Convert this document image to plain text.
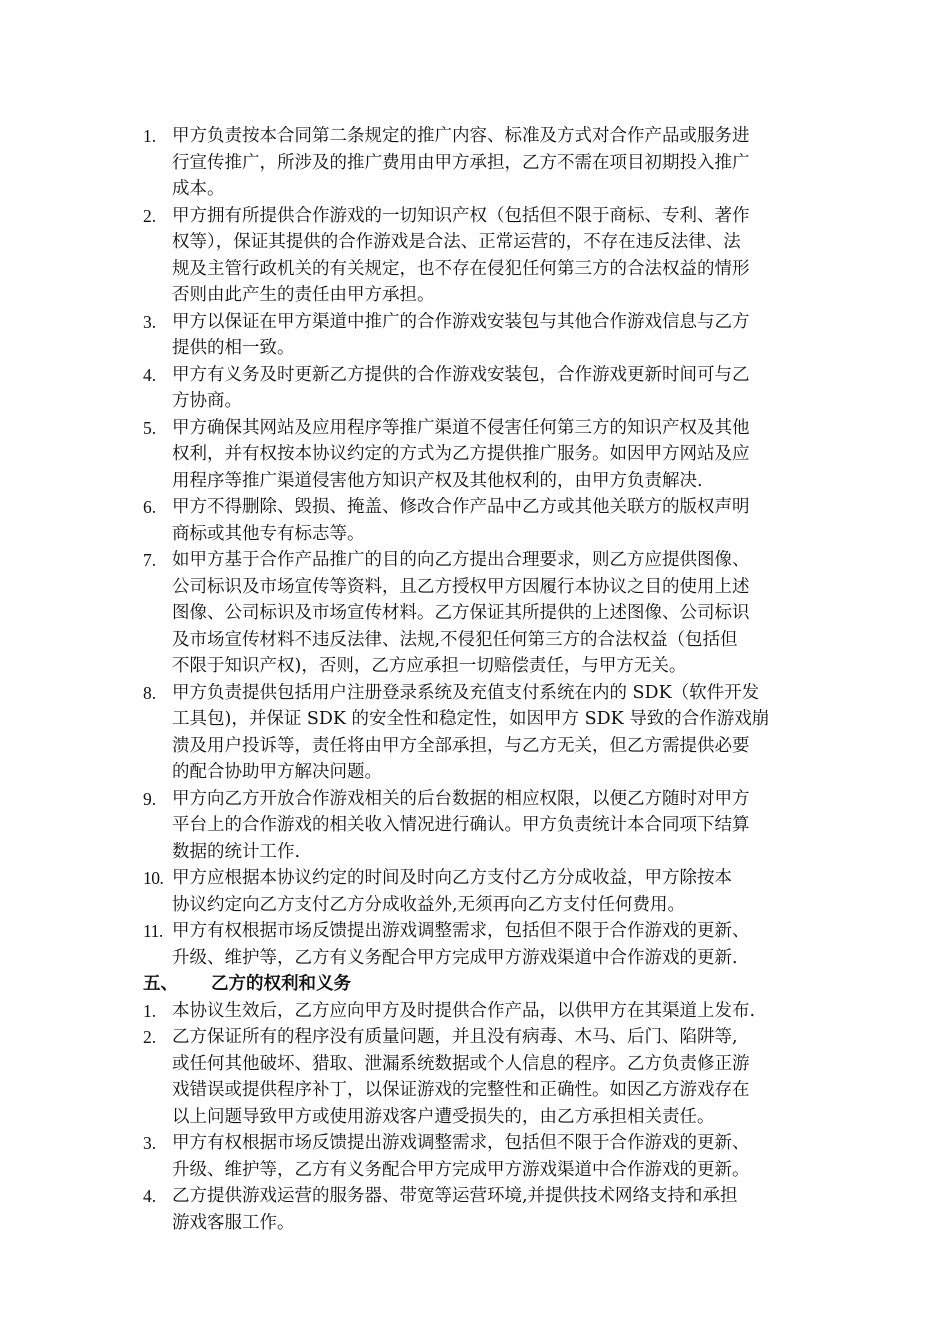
1. 甲方负责按本合同第二条规定的推广内容、标准及方式对合作产品或服务进
行宣传推广，所涉及的推广费用由甲方承担，乙方不需在项目初期投入推广
成本。
2. 甲方拥有所提供合作游戏的一切知识产权（包括但不限于商标、专利、著作
权等），保证其提供的合作游戏是合法、正常运营的，不存在违反法律、法
规及主管行政机关的有关规定，也不存在侵犯任何第三方的合法权益的情形
否则由此产生的责任由甲方承担。
3. 甲方以保证在甲方渠道中推广的合作游戏安装包与其他合作游戏信息与乙方
提供的相一致。
4. 甲方有义务及时更新乙方提供的合作游戏安装包，合作游戏更新时间可与乙
方协商。
5. 甲方确保其网站及应用程序等推广渠道不侵害任何第三方的知识产权及其他
权利，并有权按本协议约定的方式为乙方提供推广服务。如因甲方网站及应
用程序等推广渠道侵害他方知识产权及其他权利的，由甲方负责解决.
6. 甲方不得删除、毁损、掩盖、修改合作产品中乙方或其他关联方的版权声明
商标或其他专有标志等。
7. 如甲方基于合作产品推广的目的向乙方提出合理要求，则乙方应提供图像、
公司标识及市场宣传等资料，且乙方授权甲方因履行本协议之目的使用上述
图像、公司标识及市场宣传材料。乙方保证其所提供的上述图像、公司标识
及市场宣传材料不违反法律、法规,不侵犯任何第三方的合法权益（包括但
不限于知识产权)，否则，乙方应承担一切赔偿责任，与甲方无关。
8. 甲方负责提供包括用户注册登录系统及充值支付系统在内的 SDK（软件开发
工具包)，并保证 SDK 的安全性和稳定性，如因甲方 SDK 导致的合作游戏崩
溃及用户投诉等，责任将由甲方全部承担，与乙方无关，但乙方需提供必要
的配合协助甲方解决问题。
9. 甲方向乙方开放合作游戏相关的后台数据的相应权限，以便乙方随时对甲方
平台上的合作游戏的相关收入情况进行确认。甲方负责统计本合同项下结算
数据的统计工作.
10. 甲方应根据本协议约定的时间及时向乙方支付乙方分成收益，甲方除按本
协议约定向乙方支付乙方分成收益外,无须再向乙方支付任何费用。
11. 甲方有权根据市场反馈提出游戏调整需求，包括但不限于合作游戏的更新、
升级、维护等，乙方有义务配合甲方完成甲方游戏渠道中合作游戏的更新.
五、	乙方的权利和义务
1. 本协议生效后，乙方应向甲方及时提供合作产品，以供甲方在其渠道上发布.
2. 乙方保证所有的程序没有质量问题，并且没有病毒、木马、后门、陷阱等,
或任何其他破坏、猎取、泄漏系统数据或个人信息的程序。乙方负责修正游
戏错误或提供程序补丁，以保证游戏的完整性和正确性。如因乙方游戏存在
以上问题导致甲方或使用游戏客户遭受损失的，由乙方承担相关责任。
3. 甲方有权根据市场反馈提出游戏调整需求，包括但不限于合作游戏的更新、
升级、维护等，乙方有义务配合甲方完成甲方游戏渠道中合作游戏的更新。
4. 乙方提供游戏运营的服务器、带宽等运营环境,并提供技术网络支持和承担
游戏客服工作。
